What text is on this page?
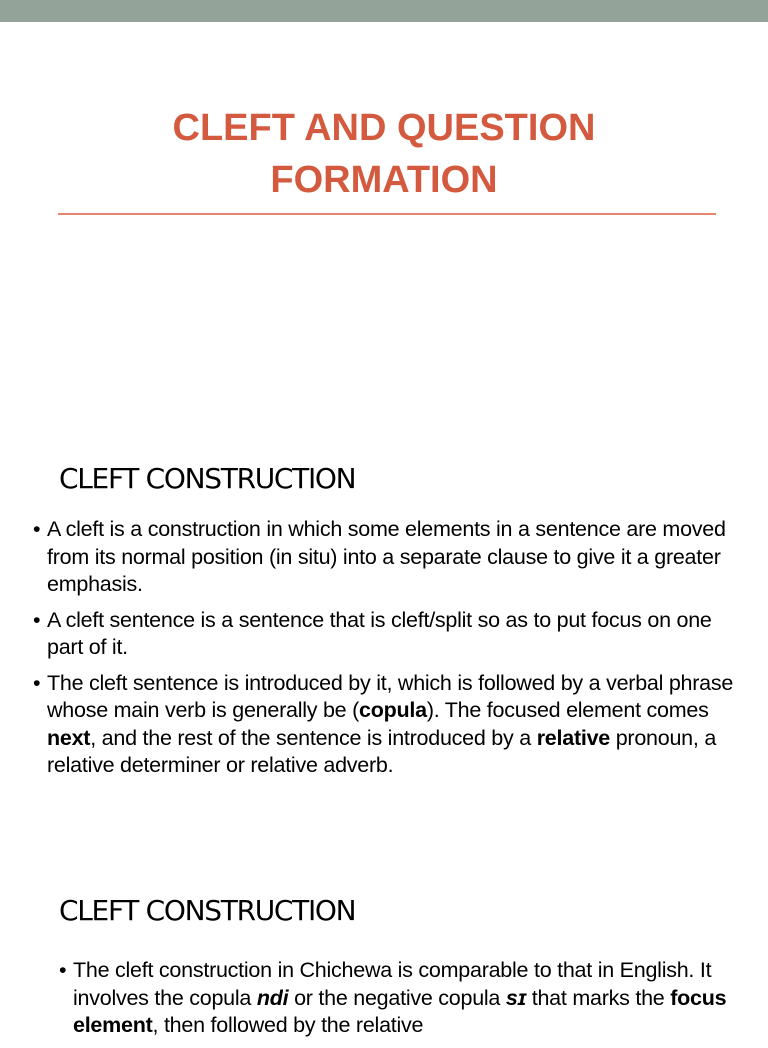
CLEFT AND QUESTION
FORMATION
CLEFT CONSTRUCTION
• A cleft is a construction in which some elements in a sentence are moved from its normal position (in situ) into a separate clause to give it a greater emphasis.
• A cleft sentence is a sentence that is cleft/split so as to put focus on one part of it.
• The cleft sentence is introduced by it, which is followed by a verbal phrase whose main verb is generally be (copula). The focused element comes next, and the rest of the sentence is introduced by a relative pronoun, a relative determiner or relative adverb.
CLEFT CONSTRUCTION
• The cleft construction in Chichewa is comparable to that in English. It involves the copula ndi or the negative copula sɪ that marks the focus element, then followed by the relative
